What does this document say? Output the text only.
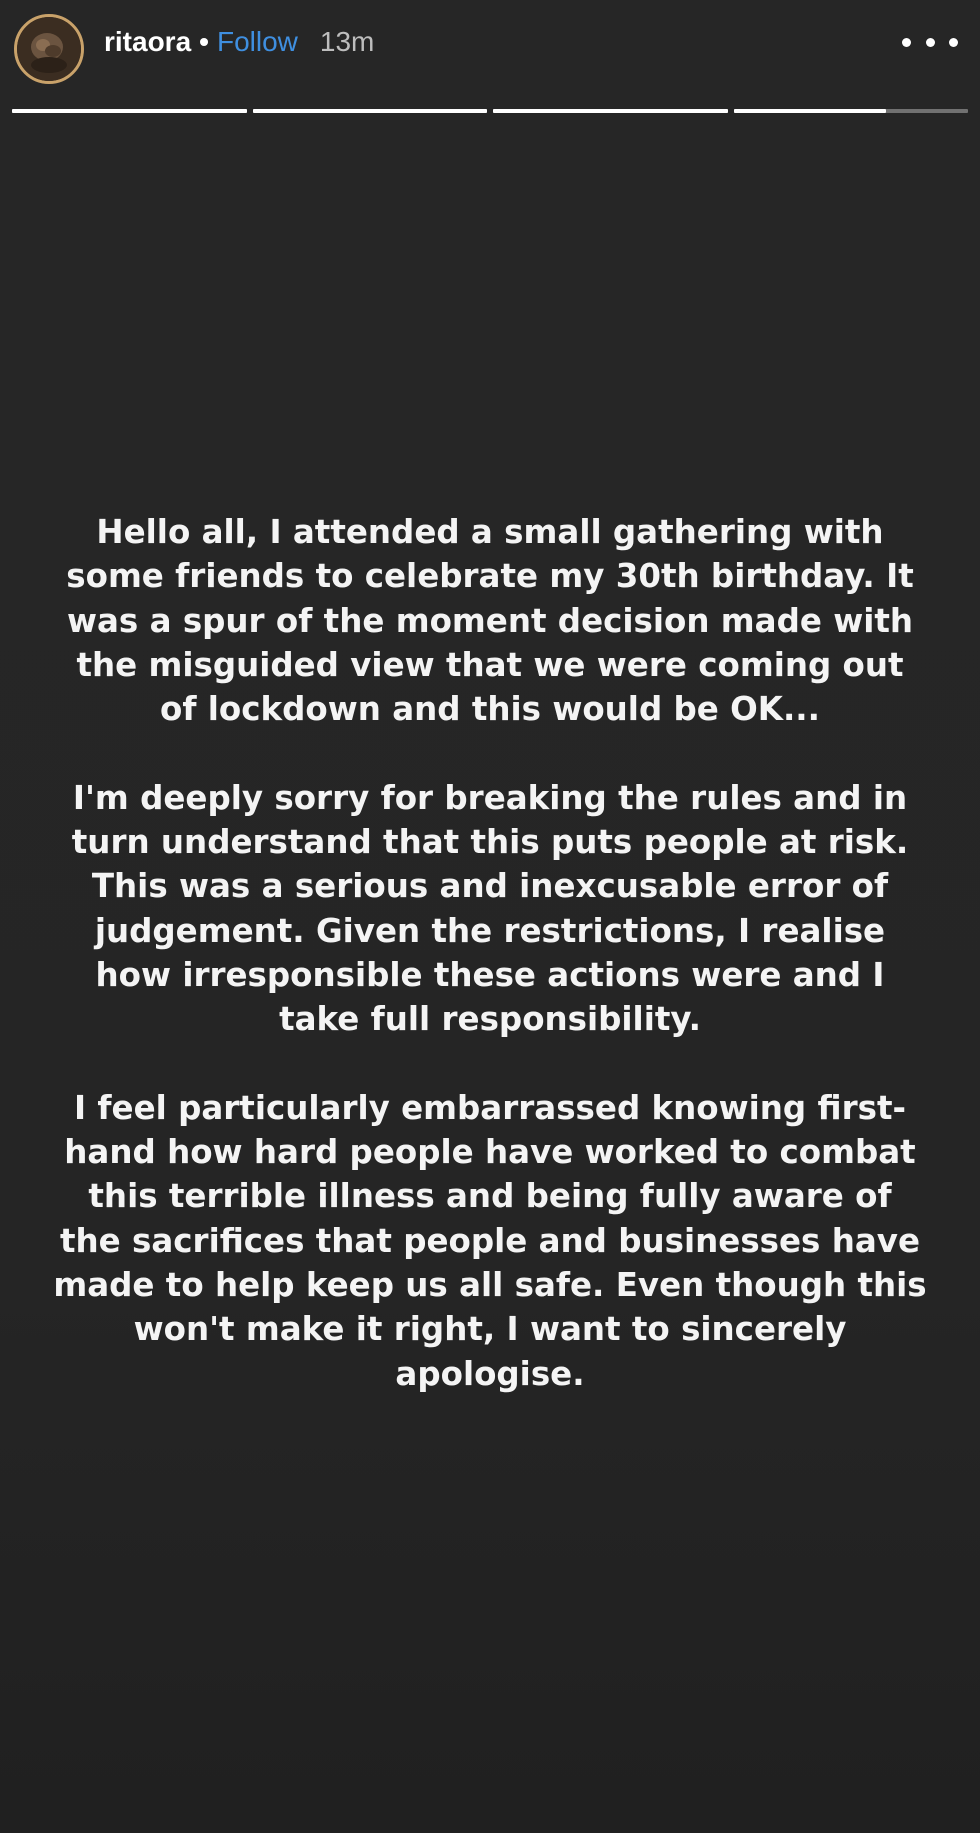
ritaora • Follow 13m

Hello all, I attended a small gathering with
some friends to celebrate my 30th birthday. It
was a spur of the moment decision made with
the misguided view that we were coming out
of lockdown and this would be OK...

I'm deeply sorry for breaking the rules and in
turn understand that this puts people at risk.
This was a serious and inexcusable error of
judgement. Given the restrictions, I realise
how irresponsible these actions were and I
take full responsibility.

I feel particularly embarrassed knowing first-
hand how hard people have worked to combat
this terrible illness and being fully aware of
the sacrifices that people and businesses have
made to help keep us all safe. Even though this
won't make it right, I want to sincerely
apologise.
